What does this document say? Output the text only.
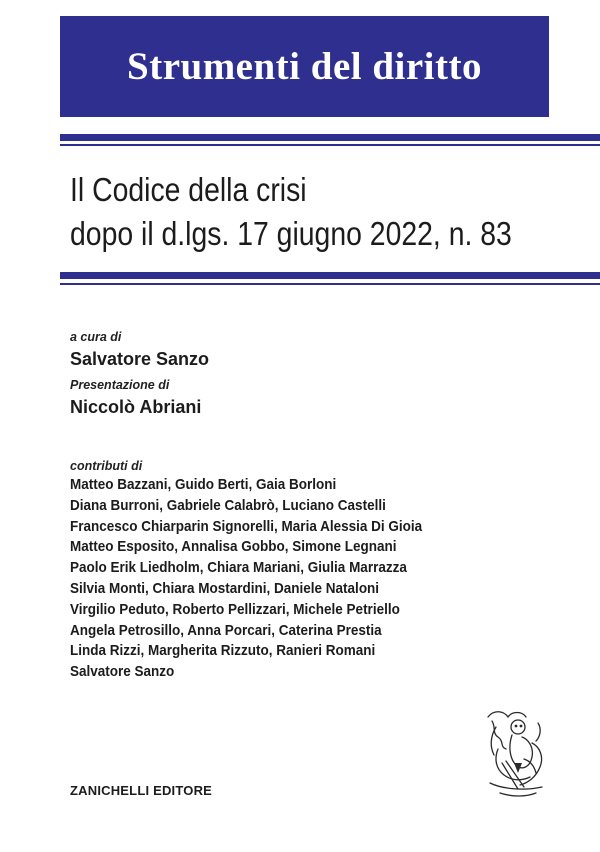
Strumenti del diritto
Il Codice della crisi
dopo il d.lgs. 17 giugno 2022, n. 83
a cura di
Salvatore Sanzo
Presentazione di
Niccolò Abriani
contributi di
Matteo Bazzani, Guido Berti, Gaia Borloni
Diana Burroni, Gabriele Calabrò, Luciano Castelli
Francesco Chiarparin Signorelli, Maria Alessia Di Gioia
Matteo Esposito, Annalisa Gobbo, Simone Legnani
Paolo Erik Liedholm, Chiara Mariani, Giulia Marrazza
Silvia Monti, Chiara Mostardini, Daniele Nataloni
Virgilio Peduto, Roberto Pellizzari, Michele Petriello
Angela Petrosillo, Anna Porcari, Caterina Prestia
Linda Rizzi, Margherita Rizzuto, Ranieri Romani
Salvatore Sanzo
ZANICHELLI EDITORE
